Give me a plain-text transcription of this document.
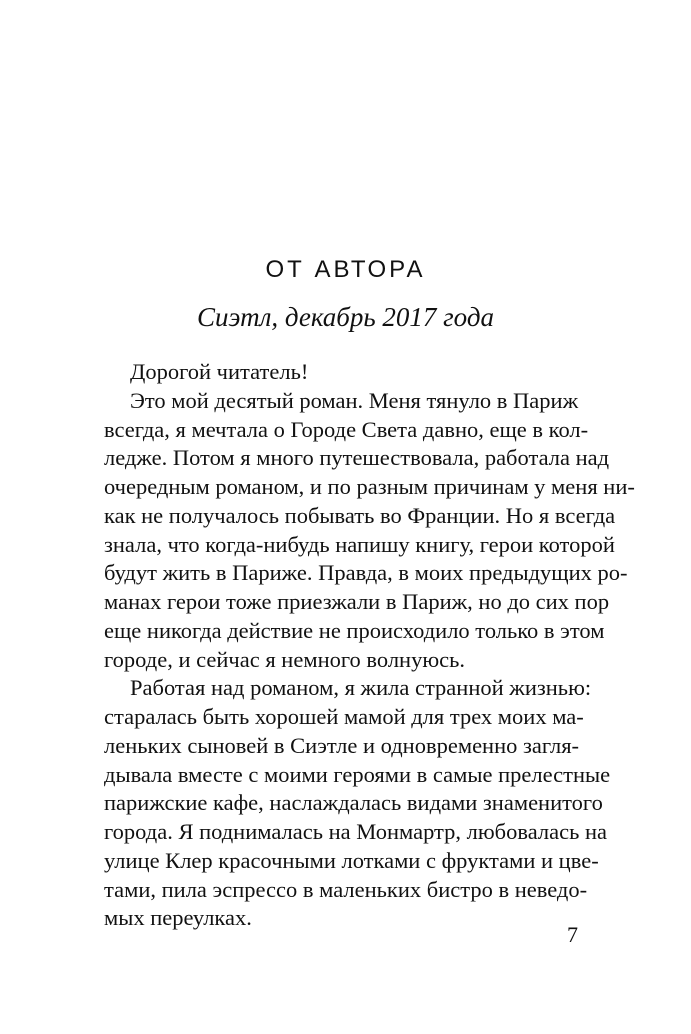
ОТ АВТОРА
Сиэтл, декабрь 2017 года
Дорогой читатель!
Это мой десятый роман. Меня тянуло в Париж
всегда, я мечтала о Городе Света давно, еще в кол-
ледже. Потом я много путешествовала, работала над
очередным романом, и по разным причинам у меня ни-
как не получалось побывать во Франции. Но я всегда
знала, что когда-нибудь напишу книгу, герои которой
будут жить в Париже. Правда, в моих предыдущих ро-
манах герои тоже приезжали в Париж, но до сих пор
еще никогда действие не происходило только в этом
городе, и сейчас я немного волнуюсь.
Работая над романом, я жила странной жизнью:
старалась быть хорошей мамой для трех моих ма-
леньких сыновей в Сиэтле и одновременно загля-
дывала вместе с моими героями в самые прелестные
парижские кафе, наслаждалась видами знаменитого
города. Я поднималась на Монмартр, любовалась на
улице Клер красочными лотками с фруктами и цве-
тами, пила эспрессо в маленьких бистро в неведо-
мых переулках.
7
